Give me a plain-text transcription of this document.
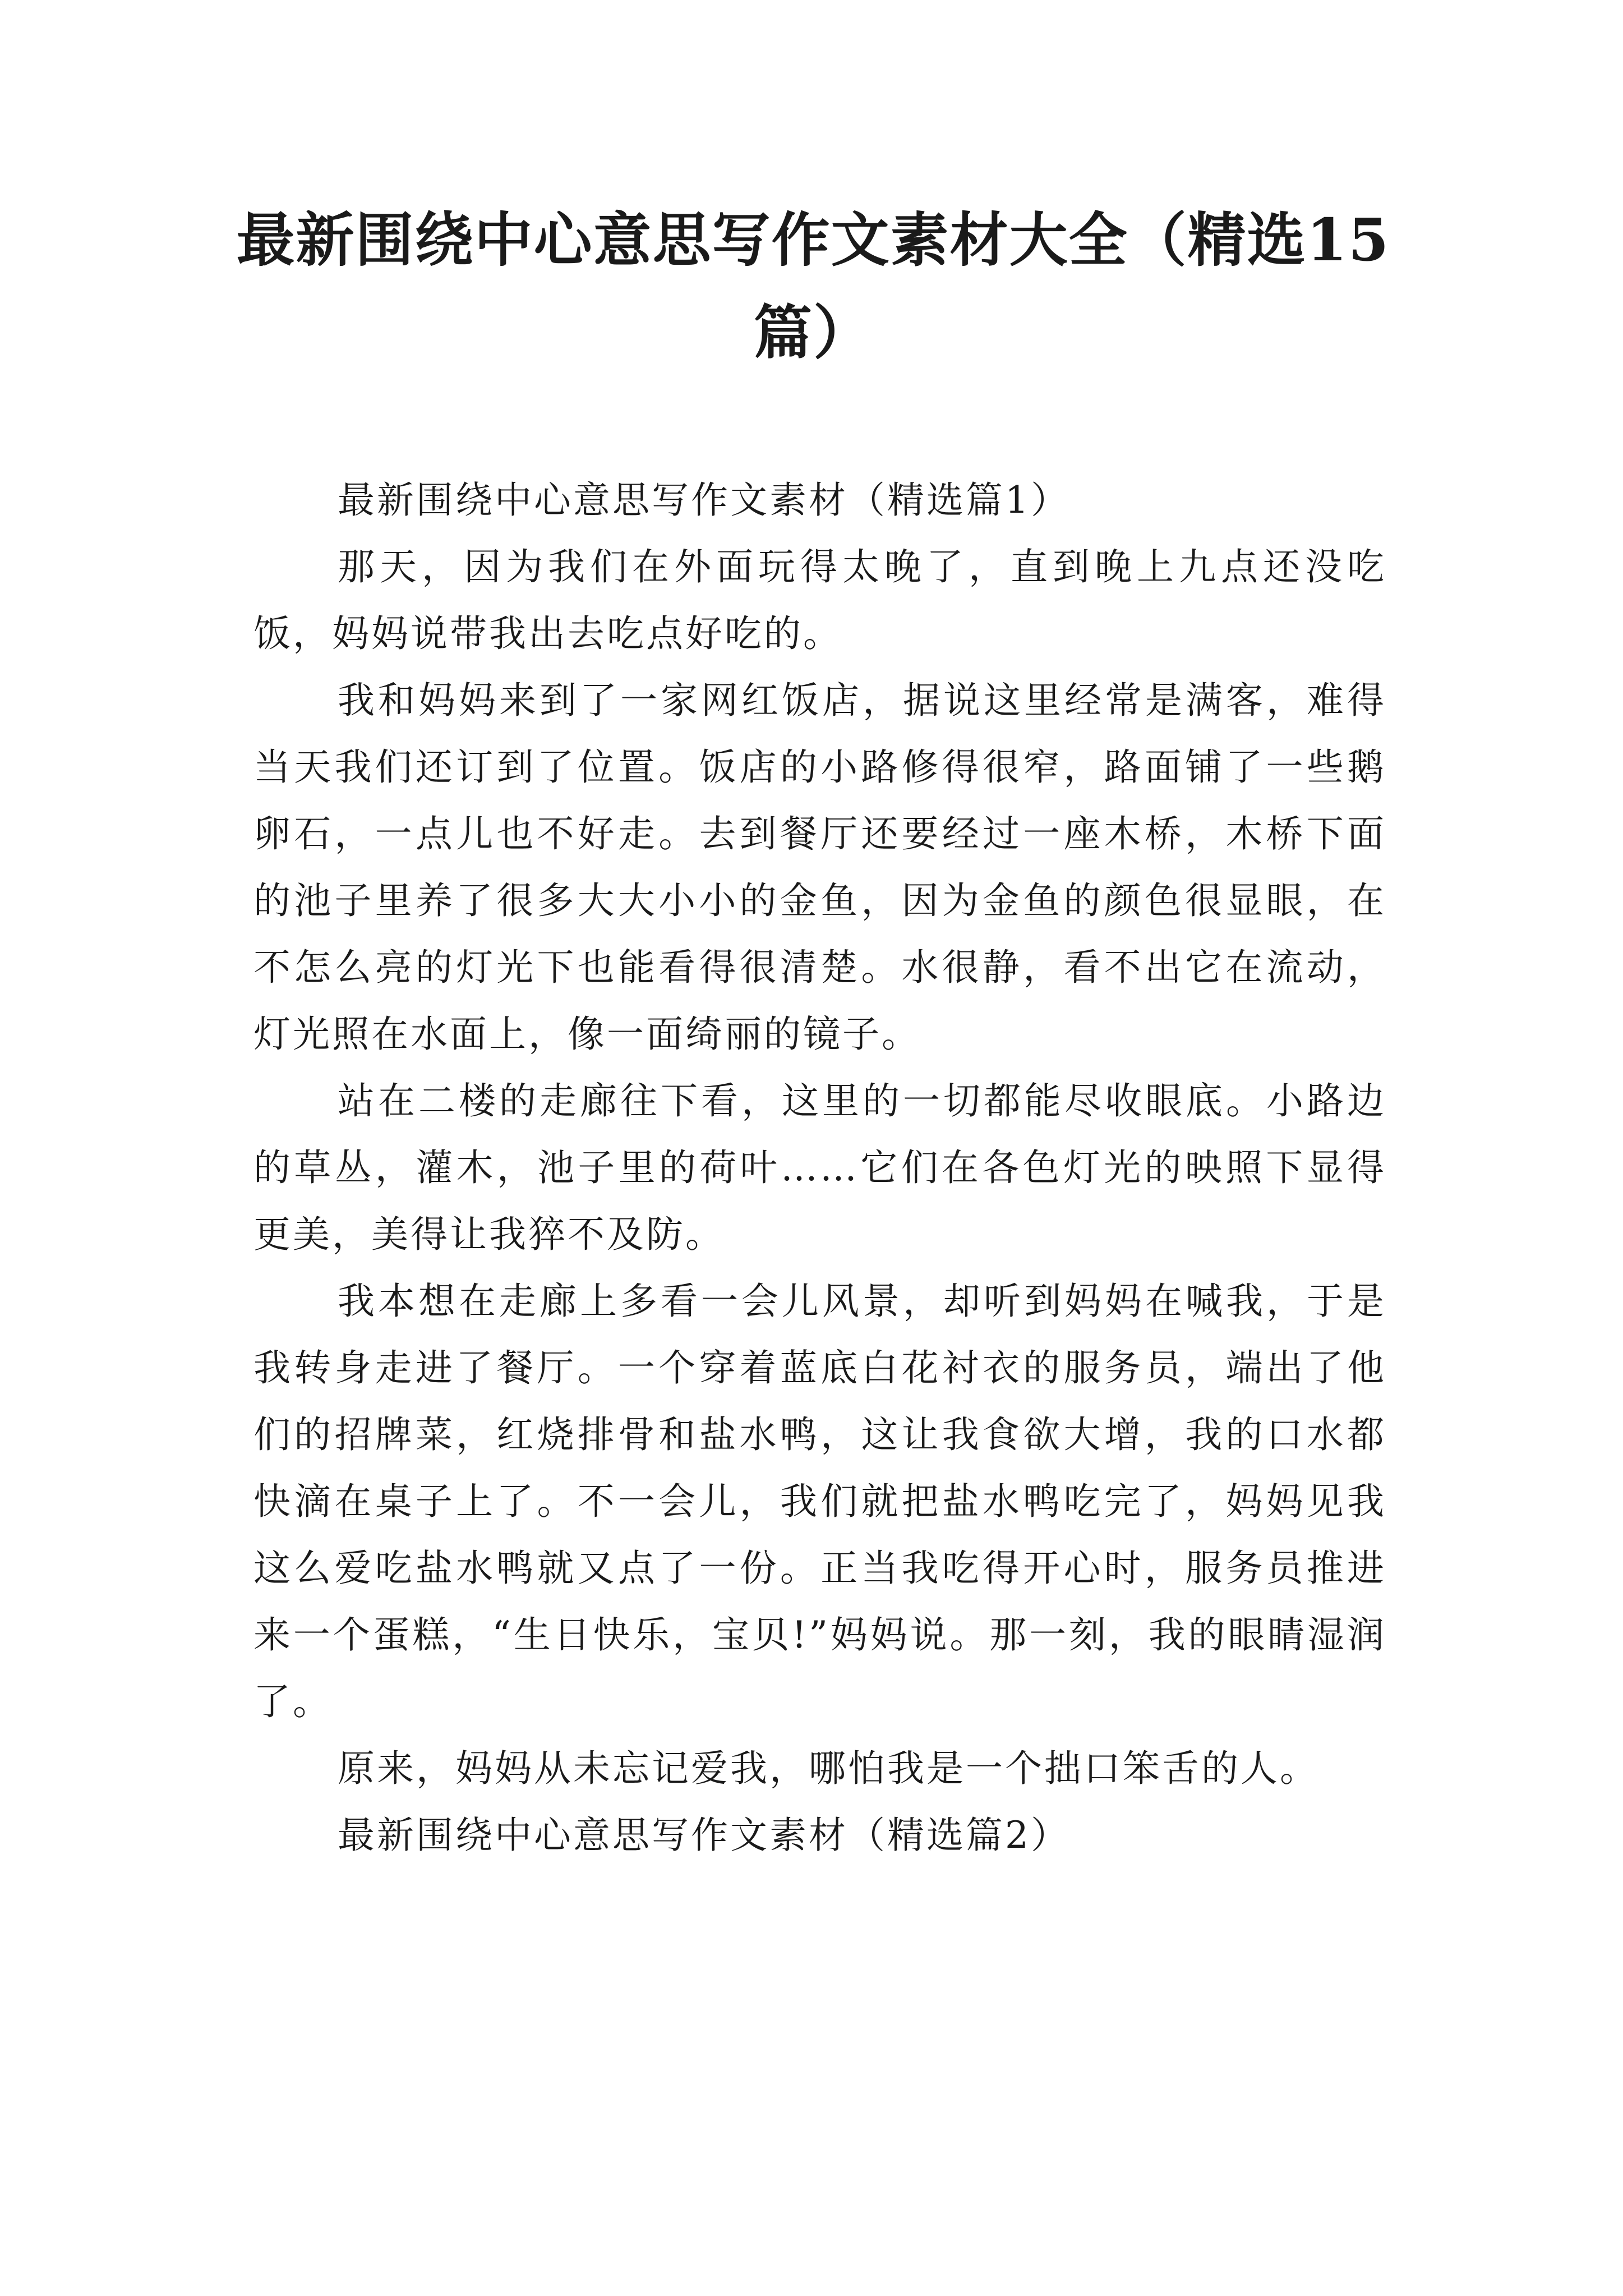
最新围绕中心意思写作文素材大全（精选15篇）

最新围绕中心意思写作文素材（精选篇1）

那天，因为我们在外面玩得太晚了，直到晚上九点还没吃饭，妈妈说带我出去吃点好吃的。

我和妈妈来到了一家网红饭店，据说这里经常是满客，难得当天我们还订到了位置。饭店的小路修得很窄，路面铺了一些鹅卵石，一点儿也不好走。去到餐厅还要经过一座木桥，木桥下面的池子里养了很多大大小小的金鱼，因为金鱼的颜色很显眼，在不怎么亮的灯光下也能看得很清楚。水很静，看不出它在流动，灯光照在水面上，像一面绮丽的镜子。

站在二楼的走廊往下看，这里的一切都能尽收眼底。小路边的草丛，灌木，池子里的荷叶……它们在各色灯光的映照下显得更美，美得让我猝不及防。

我本想在走廊上多看一会儿风景，却听到妈妈在喊我，于是我转身走进了餐厅。一个穿着蓝底白花衬衣的服务员，端出了他们的招牌菜，红烧排骨和盐水鸭，这让我食欲大增，我的口水都快滴在桌子上了。不一会儿，我们就把盐水鸭吃完了，妈妈见我这么爱吃盐水鸭就又点了一份。正当我吃得开心时，服务员推进来一个蛋糕，“生日快乐，宝贝!”妈妈说。那一刻，我的眼睛湿润了。

原来，妈妈从未忘记爱我，哪怕我是一个拙口笨舌的人。

最新围绕中心意思写作文素材（精选篇2）
